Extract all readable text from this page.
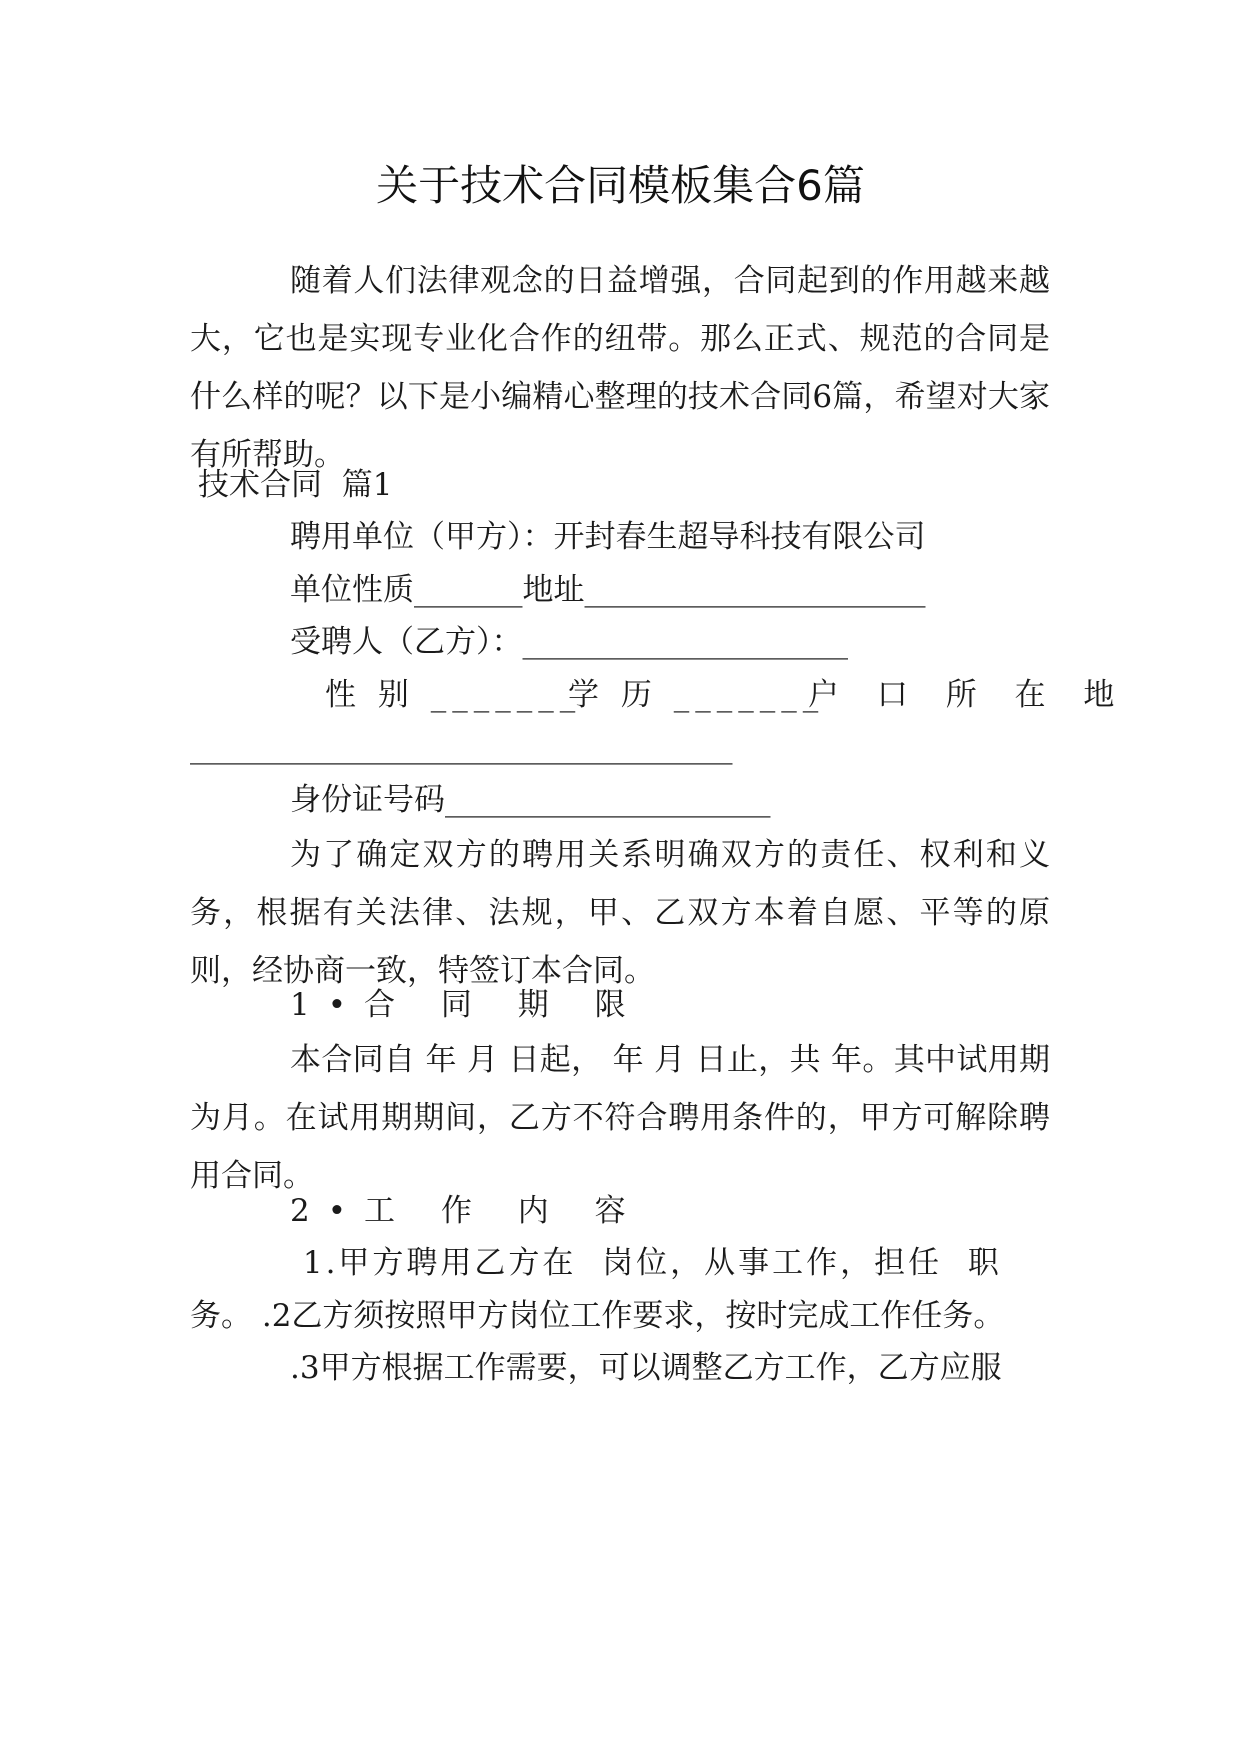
关于技术合同模板集合6篇
随着人们法律观念的日益增强，合同起到的作用越来越大，它也是实现专业化合作的纽带。那么正式、规范的合同是什么样的呢？以下是小编精心整理的技术合同6篇，希望对大家有所帮助。
技术合同  篇1
聘用单位（甲方）：开封春生超导科技有限公司
单位性质_______地址______________________
受聘人（乙方）：_____________________
性 别 _______
学 历 _______
户 口 所 在 地
___________________________________
身份证号码_____________________
为了确定双方的聘用关系明确双方的责任、权利和义务，根据有关法律、法规，甲、乙双方本着自愿、平等的原则，经协商一致，特签订本合同。
1•合 同 期 限
本合同自 年 月 日起， 年 月 日止，共 年。其中试用期为月。在试用期期间，乙方不符合聘用条件的，甲方可解除聘用合同。
2•工 作 内 容
1.甲方聘用乙方在  岗位，从事工作，担任  职
务。 .2乙方须按照甲方岗位工作要求，按时完成工作任务。
.3甲方根据工作需要，可以调整乙方工作，乙方应服
